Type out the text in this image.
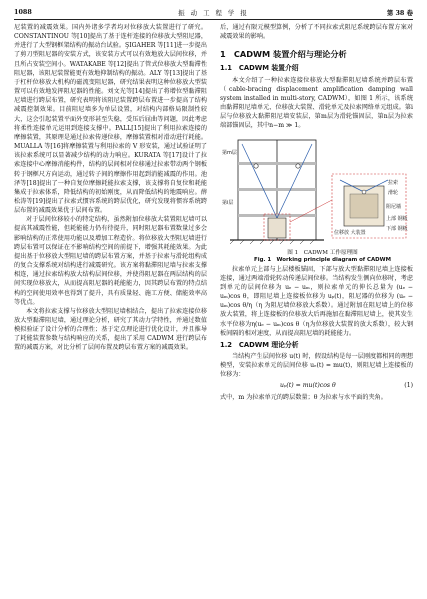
1088	振 动 工 程 学 报	第 38 卷

尼装置的减震效果。国内外诸多学者均对位移放大装置进行了研究。CONSTANTINOU 等[10]提出了基于连杆连接的位移放大型阻尼器，并进行了大型钢框架结构的振动台试验。ŞIGAHER 等[11]进一步提出了剪刀型阻尼器的安装方式，该安装方式可以有效地放大层间位移，并且所占安装空间小。WATAKABE 等[12]提出了管式位移放大型黏滞性阻尼器，该阻尼装置能更有效地抑制结构的振动。ALY 等[13]提出了基于杠杆位移放大机构的磁流变阻尼器，研究结果表明这种位移放大型装置可以有效地发挥阻尼器的性能。刘文光等[14]提出了将增位型黏滞阻尼墙进行跨层布置，研究表明将该阻尼装置跨层布置进一步提高了结构减震控制效果。目前阻尼墙多为单层设置，对结构内部格局限制性较大，这会引起装置平面外变形甚至失稳，受压后屈曲等问题，因此考虑将柔性连接单元运用到连接支撑中。PALL[15]提出了利用拉索连接的摩擦装置，其原理是通过拉索传递位移，摩擦装置相对滑动进行耗能。MUALLA 等[16]将摩擦装置与利用拉索的 V 形安装，通过试验证明了该拉索系统可以显著减少结构的动力响应。KURATA 等[17]设计了拉索连接中心摩擦消能构件，结构的层间相对位移通过拉索带动两个钢板转于钢框尺方向运动，通过转子间的摩擦作用起到消能减震的作用。池泽等[18]提出了一种自复位摩擦耗能拉索支撑，该支撑将自复位和耗能集成于拉索体系，降低结构的初始刚度，从而降低结构的地震响应。薛松涛等[19]提出了拉索式惯容系统的跨层优化，研究发现将惯容系统跨层布置的减震效果优于层间布置。

对于层间位移较小的特定结构，虽然附加位移放大装置阻尼墙可以提高其减震性能，但耗能能力仍有待提升，同时阻尼器布置数量过多会影响结构的正常使用功能以及增加工程造价。将位移放大型阻尼墙进行跨层布置可以保证在不影响结构空间的前提下，增强其耗能效果。为此提出基于位移放大型阻尼墙的跨层布置方案，并基于拉索与滑轮组构成的复合支撑系统对结构进行减震研究。该方案将黏滞阻尼墙与拉索支撑相连，通过拉索结构放大结构层间位移，并使得阻尼器在两层结构的层间实现位移放大，从而提高阻尼器的耗能能力，因其跨层布置的特点结构的空间使用效率也得到了提升，具有质量轻、施工方便、储能效率高等优点。

本文将拉索支撑与位移放大型阻尼墙相结合，提出了拉索连接位移放大型黏滞阻尼墙，通过理论分析，研究了其动力学特性，并通过数值模拟验证了设计分析的合理性；基于定点理论进行优化设计，并且推导了耗能装置参数与结构响应的关系，提出了采用 CADWM 进行跨层布置的减震方案，对比分析了层间布置及跨层布置方案的减震效果。

后，通过有限元模型算例，分析了不同拉索式阻尼系统跨层布置方案对减震效果的影响。

1　CADWM 装置介绍与理论分析
1.1　CADWM 装置介绍

本文介绍了一种拉索连接位移放大型黏滞阻尼墙系统并跨层布置（cable-bracing displacement amplification damping wall system installed in multi-story, CADWM），如图 1 所示，该系统由黏滞阻尼墙单元、位移放大装置、滑轮单元及拉索网络单元组成。第i层与位移放大黏滞阻尼墙安装层，第m层为滑轮锚固层，第n层为拉索端部锚固层，其中n−m ≫ 1。

第m层
第i层
滑轮
拉索
阻尼墙
位移放 大装置
上部 钢板
下部 钢板

图 1　CADWM 工作原理图

Fig. 1　Working principle diagram of CADWM

拉索单元上部与上层楼板锚固，下部与放大型黏滞阻尼墙上连接板连接，通过两端滑轮转动传递层间位移。当结构发生侧向位移时，考虑到单元的层间位移为 uₑ − uₘ，则拉索单元的伸长总量为 (uₑ − uₘ)cos θ，即阻尼墙上连接板位移为 uₚ(t)，阻尼器的位移为 (uₑ − uₘ)cos θ/η（η 为阻尼墙位移放大系数）。通过附加在阻尼墙上的位移放大装置，将上连接板的位移放大后再施加在黏滞阻尼墙上，使其发生水平位移为η(uₑ − uₘ)cos θ（η为位移放大装置的放大系数），较大钢板间隔的相对速度，从而提高阻尼墙的耗能能力。

1.2　CADWM 理论分析

当结构产生层间位移 u(t) 时，假设结构是每一层刚度都相同的理想模型，安装拉索单元的层间位移 uₑ(t) = mu(t)，则阻尼墙上连接板的位移为：

uₚ(t) = mu(t)cos θ	(1)

式中，m 为拉索单元的跨层数量；θ 为拉索与水平面的夹角。
